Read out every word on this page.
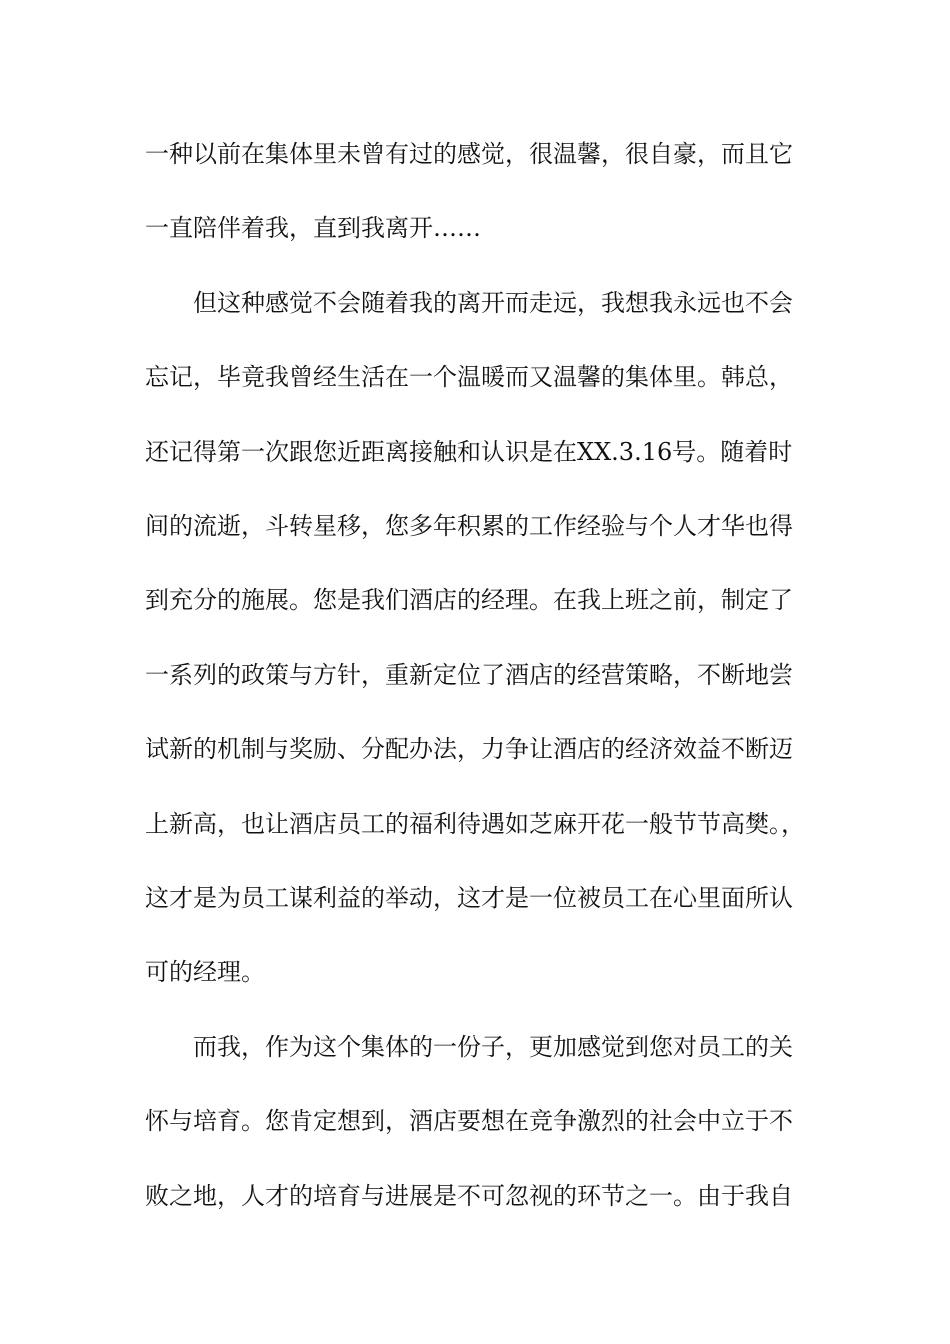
一种以前在集体里未曾有过的感觉，很温馨，很自豪，而且它
一直陪伴着我，直到我离开……
但这种感觉不会随着我的离开而走远，我想我永远也不会
忘记，毕竟我曾经生活在一个温暖而又温馨的集体里。韩总，
还记得第一次跟您近距离接触和认识是在XX.3.16号。随着时
间的流逝，斗转星移，您多年积累的工作经验与个人才华也得
到充分的施展。您是我们酒店的经理。在我上班之前，制定了
一系列的政策与方针，重新定位了酒店的经营策略，不断地尝
试新的机制与奖励、分配办法，力争让酒店的经济效益不断迈
上新高，也让酒店员工的福利待遇如芝麻开花一般节节高樊。，
这才是为员工谋利益的举动，这才是一位被员工在心里面所认
可的经理。
而我，作为这个集体的一份子，更加感觉到您对员工的关
怀与培育。您肯定想到，酒店要想在竞争激烈的社会中立于不
败之地，人才的培育与进展是不可忽视的环节之一。由于我自
